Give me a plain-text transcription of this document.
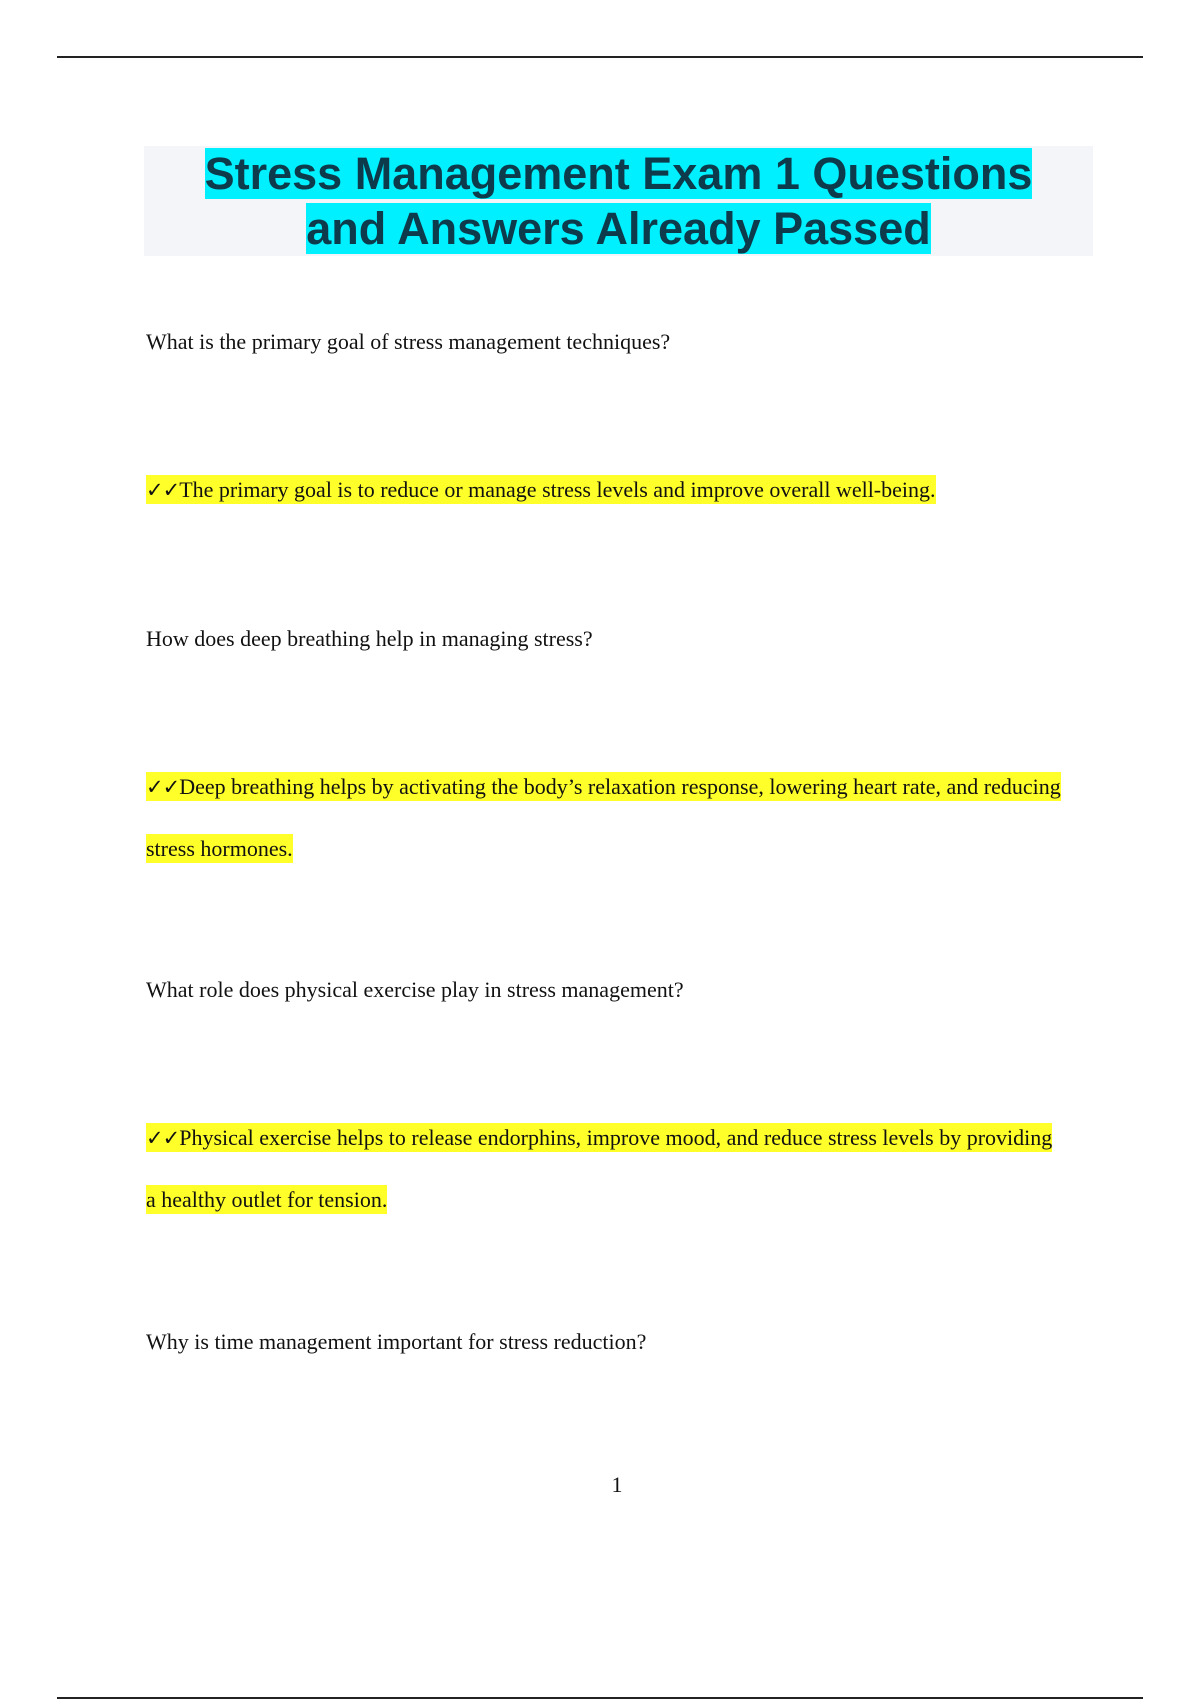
Stress Management Exam 1 Questions
and Answers Already Passed
What is the primary goal of stress management techniques?
✓✓The primary goal is to reduce or manage stress levels and improve overall well-being.
How does deep breathing help in managing stress?
✓✓Deep breathing helps by activating the body’s relaxation response, lowering heart rate, and reducing stress hormones.
What role does physical exercise play in stress management?
✓✓Physical exercise helps to release endorphins, improve mood, and reduce stress levels by providing a healthy outlet for tension.
Why is time management important for stress reduction?
1
